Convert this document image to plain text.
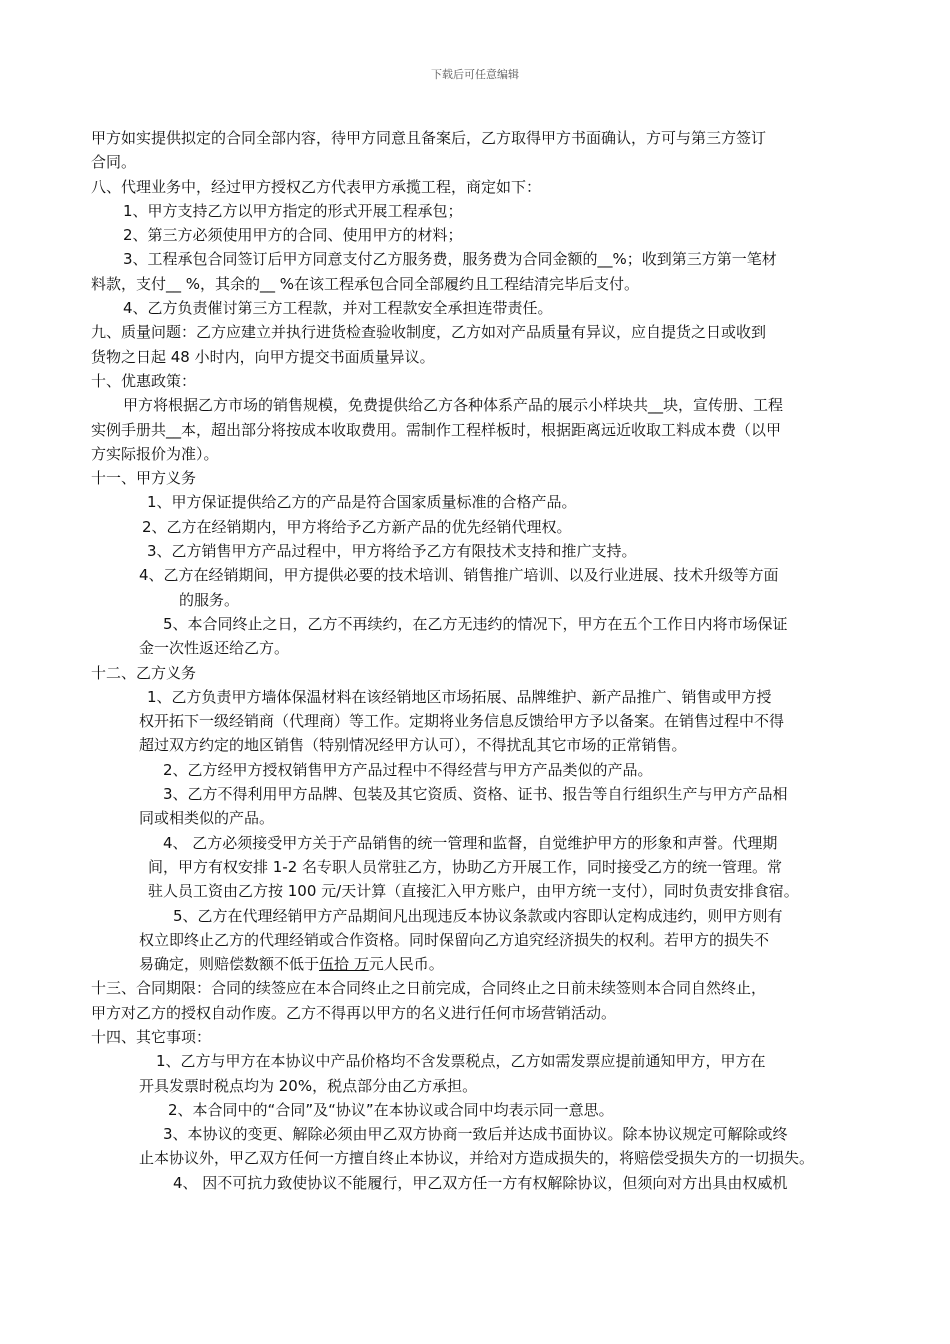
下载后可任意编辑
甲方如实提供拟定的合同全部内容，待甲方同意且备案后，乙方取得甲方书面确认，方可与第三方签订
合同。
八、代理业务中，经过甲方授权乙方代表甲方承揽工程，商定如下：
1、甲方支持乙方以甲方指定的形式开展工程承包；
2、第三方必须使用甲方的合同、使用甲方的材料；
3、工程承包合同签订后甲方同意支付乙方服务费，服务费为合同金额的__%；收到第三方第一笔材
料款，支付__ %，其余的__ %在该工程承包合同全部履约且工程结清完毕后支付。
4、乙方负责催讨第三方工程款，并对工程款安全承担连带责任。
九、质量问题：乙方应建立并执行进货检查验收制度，乙方如对产品质量有异议，应自提货之日或收到
货物之日起 48 小时内，向甲方提交书面质量异议。
十、优惠政策：
甲方将根据乙方市场的销售规模，免费提供给乙方各种体系产品的展示小样块共__块，宣传册、工程
实例手册共__本，超出部分将按成本收取费用。需制作工程样板时，根据距离远近收取工料成本费（以甲
方实际报价为准）。
十一、甲方义务
1、甲方保证提供给乙方的产品是符合国家质量标准的合格产品。
2、乙方在经销期内，甲方将给予乙方新产品的优先经销代理权。
3、乙方销售甲方产品过程中，甲方将给予乙方有限技术支持和推广支持。
4、乙方在经销期间，甲方提供必要的技术培训、销售推广培训、以及行业进展、技术升级等方面
的服务。
5、本合同终止之日，乙方不再续约，在乙方无违约的情况下，甲方在五个工作日内将市场保证
金一次性返还给乙方。
十二、乙方义务
1、乙方负责甲方墙体保温材料在该经销地区市场拓展、品牌维护、新产品推广、销售或甲方授
权开拓下一级经销商（代理商）等工作。定期将业务信息反馈给甲方予以备案。在销售过程中不得
超过双方约定的地区销售（特别情况经甲方认可），不得扰乱其它市场的正常销售。
2、乙方经甲方授权销售甲方产品过程中不得经营与甲方产品类似的产品。
3、乙方不得利用甲方品牌、包装及其它资质、资格、证书、报告等自行组织生产与甲方产品相
同或相类似的产品。
4、 乙方必须接受甲方关于产品销售的统一管理和监督，自觉维护甲方的形象和声誉。代理期
间，甲方有权安排 1-2 名专职人员常驻乙方，协助乙方开展工作，同时接受乙方的统一管理。常
驻人员工资由乙方按 100 元/天计算（直接汇入甲方账户，由甲方统一支付），同时负责安排食宿。
5、乙方在代理经销甲方产品期间凡出现违反本协议条款或内容即认定构成违约，则甲方则有
权立即终止乙方的代理经销或合作资格。同时保留向乙方追究经济损失的权利。若甲方的损失不
易确定，则赔偿数额不低于伍拾 万元人民币。
十三、合同期限：合同的续签应在本合同终止之日前完成，合同终止之日前未续签则本合同自然终止，
甲方对乙方的授权自动作废。乙方不得再以甲方的名义进行任何市场营销活动。
十四、其它事项：
1、乙方与甲方在本协议中产品价格均不含发票税点，乙方如需发票应提前通知甲方，甲方在
开具发票时税点均为 20%，税点部分由乙方承担。
2、本合同中的“合同”及“协议”在本协议或合同中均表示同一意思。
3、本协议的变更、解除必须由甲乙双方协商一致后并达成书面协议。除本协议规定可解除或终
止本协议外，甲乙双方任何一方擅自终止本协议，并给对方造成损失的，将赔偿受损失方的一切损失。
4、 因不可抗力致使协议不能履行，甲乙双方任一方有权解除协议，但须向对方出具由权威机
